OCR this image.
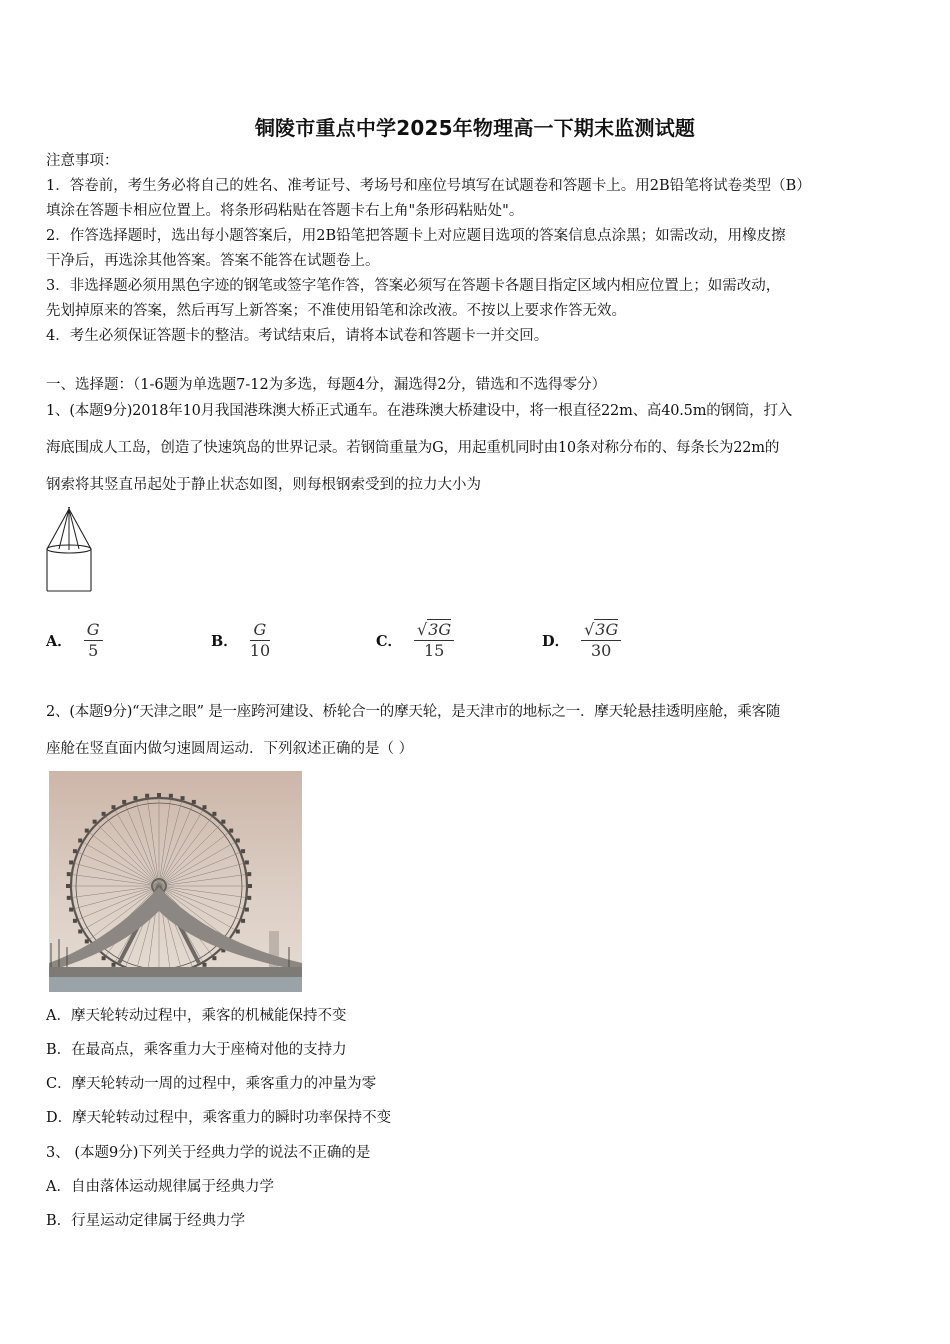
铜陵市重点中学2025年物理高一下期末监测试题
注意事项：
1．答卷前，考生务必将自己的姓名、准考证号、考场号和座位号填写在试题卷和答题卡上。用2B铅笔将试卷类型（B）
填涂在答题卡相应位置上。将条形码粘贴在答题卡右上角"条形码粘贴处"。
2．作答选择题时，选出每小题答案后，用2B铅笔把答题卡上对应题目选项的答案信息点涂黑；如需改动，用橡皮擦
干净后，再选涂其他答案。答案不能答在试题卷上。
3．非选择题必须用黑色字迹的钢笔或签字笔作答，答案必须写在答题卡各题目指定区域内相应位置上；如需改动，
先划掉原来的答案，然后再写上新答案；不准使用铅笔和涂改液。不按以上要求作答无效。
4．考生必须保证答题卡的整洁。考试结束后，请将本试卷和答题卡一并交回。
一、选择题：（1-6题为单选题7-12为多选，每题4分，漏选得2分，错选和不选得零分）
1、(本题9分)2018年10月我国港珠澳大桥正式通车。在港珠澳大桥建设中，将一根直径22m、高40.5m的钢筒，打入
海底围成人工岛，创造了快速筑岛的世界记录。若钢筒重量为G，用起重机同时由10条对称分布的、每条长为22m的
钢索将其竖直吊起处于静止状态如图，则每根钢索受到的拉力大小为
A． $\frac{G}{5}$	B． $\frac{G}{10}$	C． $\frac{√3G}{15}$	D． $\frac{√3G}{30}$
2、(本题9分)“天津之眼” 是一座跨河建设、桥轮合一的摩天轮，是天津市的地标之一．摩天轮悬挂透明座舱，乘客随
座舱在竖直面内做匀速圆周运动．下列叙述正确的是（ ）
A．摩天轮转动过程中，乘客的机械能保持不变
B．在最高点，乘客重力大于座椅对他的支持力
C．摩天轮转动一周的过程中，乘客重力的冲量为零
D．摩天轮转动过程中，乘客重力的瞬时功率保持不变
3、 (本题9分)下列关于经典力学的说法不正确的是
A．自由落体运动规律属于经典力学
B．行星运动定律属于经典力学
